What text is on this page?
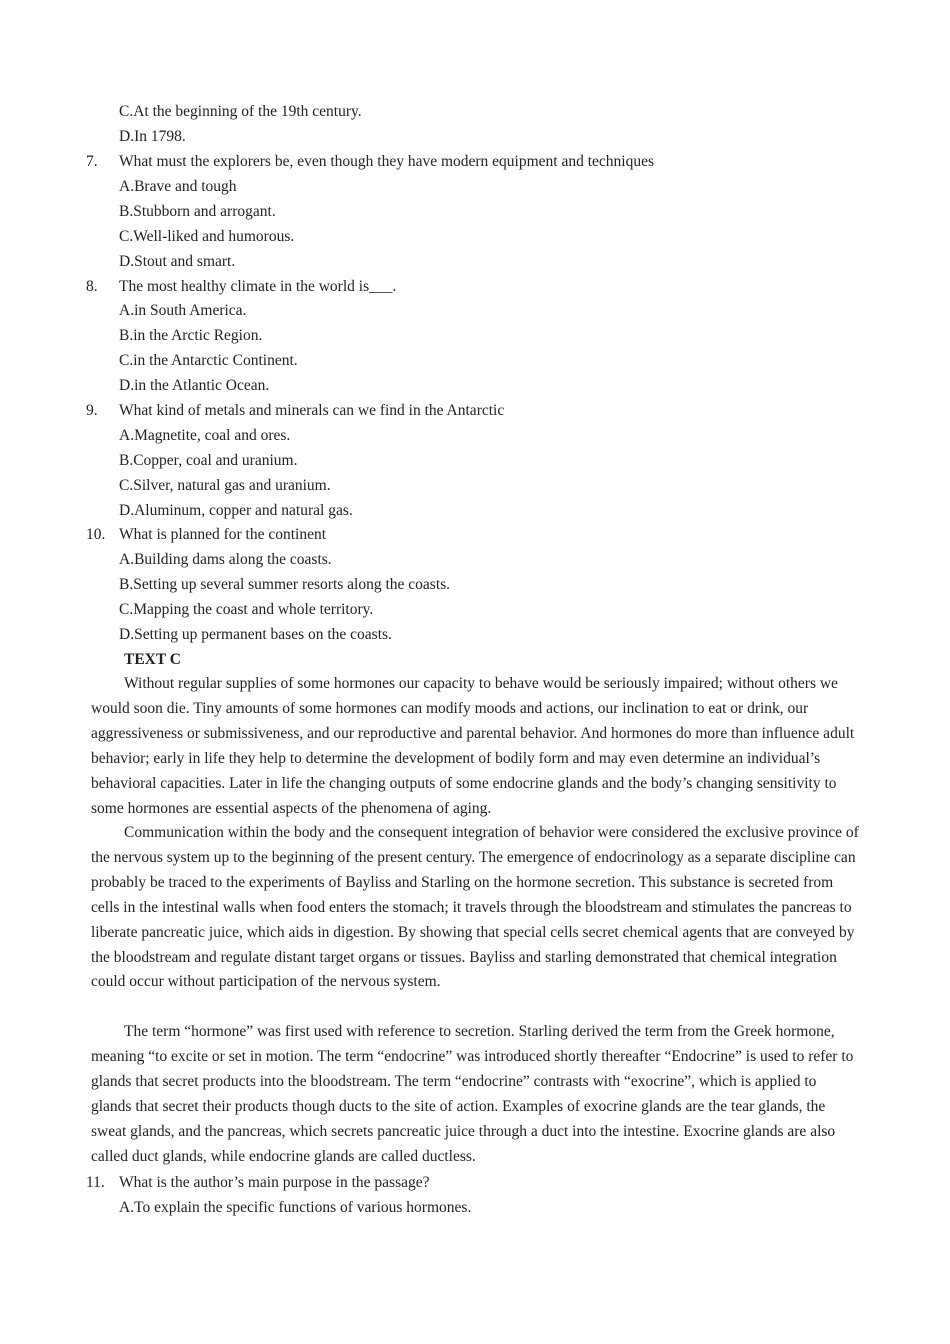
C.At the beginning of the 19th century.
D.In 1798.
7. What must the explorers be, even though they have modern equipment and techniques
A.Brave and tough
B.Stubborn and arrogant.
C.Well-liked and humorous.
D.Stout and smart.
8. The most healthy climate in the world is___.
A.in South America.
B.in the Arctic Region.
C.in the Antarctic Continent.
D.in the Atlantic Ocean.
9. What kind of metals and minerals can we find in the Antarctic
A.Magnetite, coal and ores.
B.Copper, coal and uranium.
C.Silver, natural gas and uranium.
D.Aluminum, copper and natural gas.
10. What is planned for the continent
A.Building dams along the coasts.
B.Setting up several summer resorts along the coasts.
C.Mapping the coast and whole territory.
D.Setting up permanent bases on the coasts.
TEXT C
Without regular supplies of some hormones our capacity to behave would be seriously impaired; without others we would soon die. Tiny amounts of some hormones can modify moods and actions, our inclination to eat or drink, our aggressiveness or submissiveness, and our reproductive and parental behavior. And hormones do more than influence adult behavior; early in life they help to determine the development of bodily form and may even determine an individual’s behavioral capacities. Later in life the changing outputs of some endocrine glands and the body’s changing sensitivity to some hormones are essential aspects of the phenomena of aging.
Communication within the body and the consequent integration of behavior were considered the exclusive province of the nervous system up to the beginning of the present century. The emergence of endocrinology as a separate discipline can probably be traced to the experiments of Bayliss and Starling on the hormone secretion. This substance is secreted from cells in the intestinal walls when food enters the stomach; it travels through the bloodstream and stimulates the pancreas to liberate pancreatic juice, which aids in digestion. By showing that special cells secret chemical agents that are conveyed by the bloodstream and regulate distant target organs or tissues. Bayliss and starling demonstrated that chemical integration could occur without participation of the nervous system.
The term “hormone” was first used with reference to secretion. Starling derived the term from the Greek hormone, meaning “to excite or set in motion. The term “endocrine” was introduced shortly thereafter “Endocrine” is used to refer to glands that secret products into the bloodstream. The term “endocrine” contrasts with “exocrine”, which is applied to glands that secret their products though ducts to the site of action. Examples of exocrine glands are the tear glands, the sweat glands, and the pancreas, which secrets pancreatic juice through a duct into the intestine. Exocrine glands are also called duct glands, while endocrine glands are called ductless.
11. What is the author’s main purpose in the passage?
A.To explain the specific functions of various hormones.
